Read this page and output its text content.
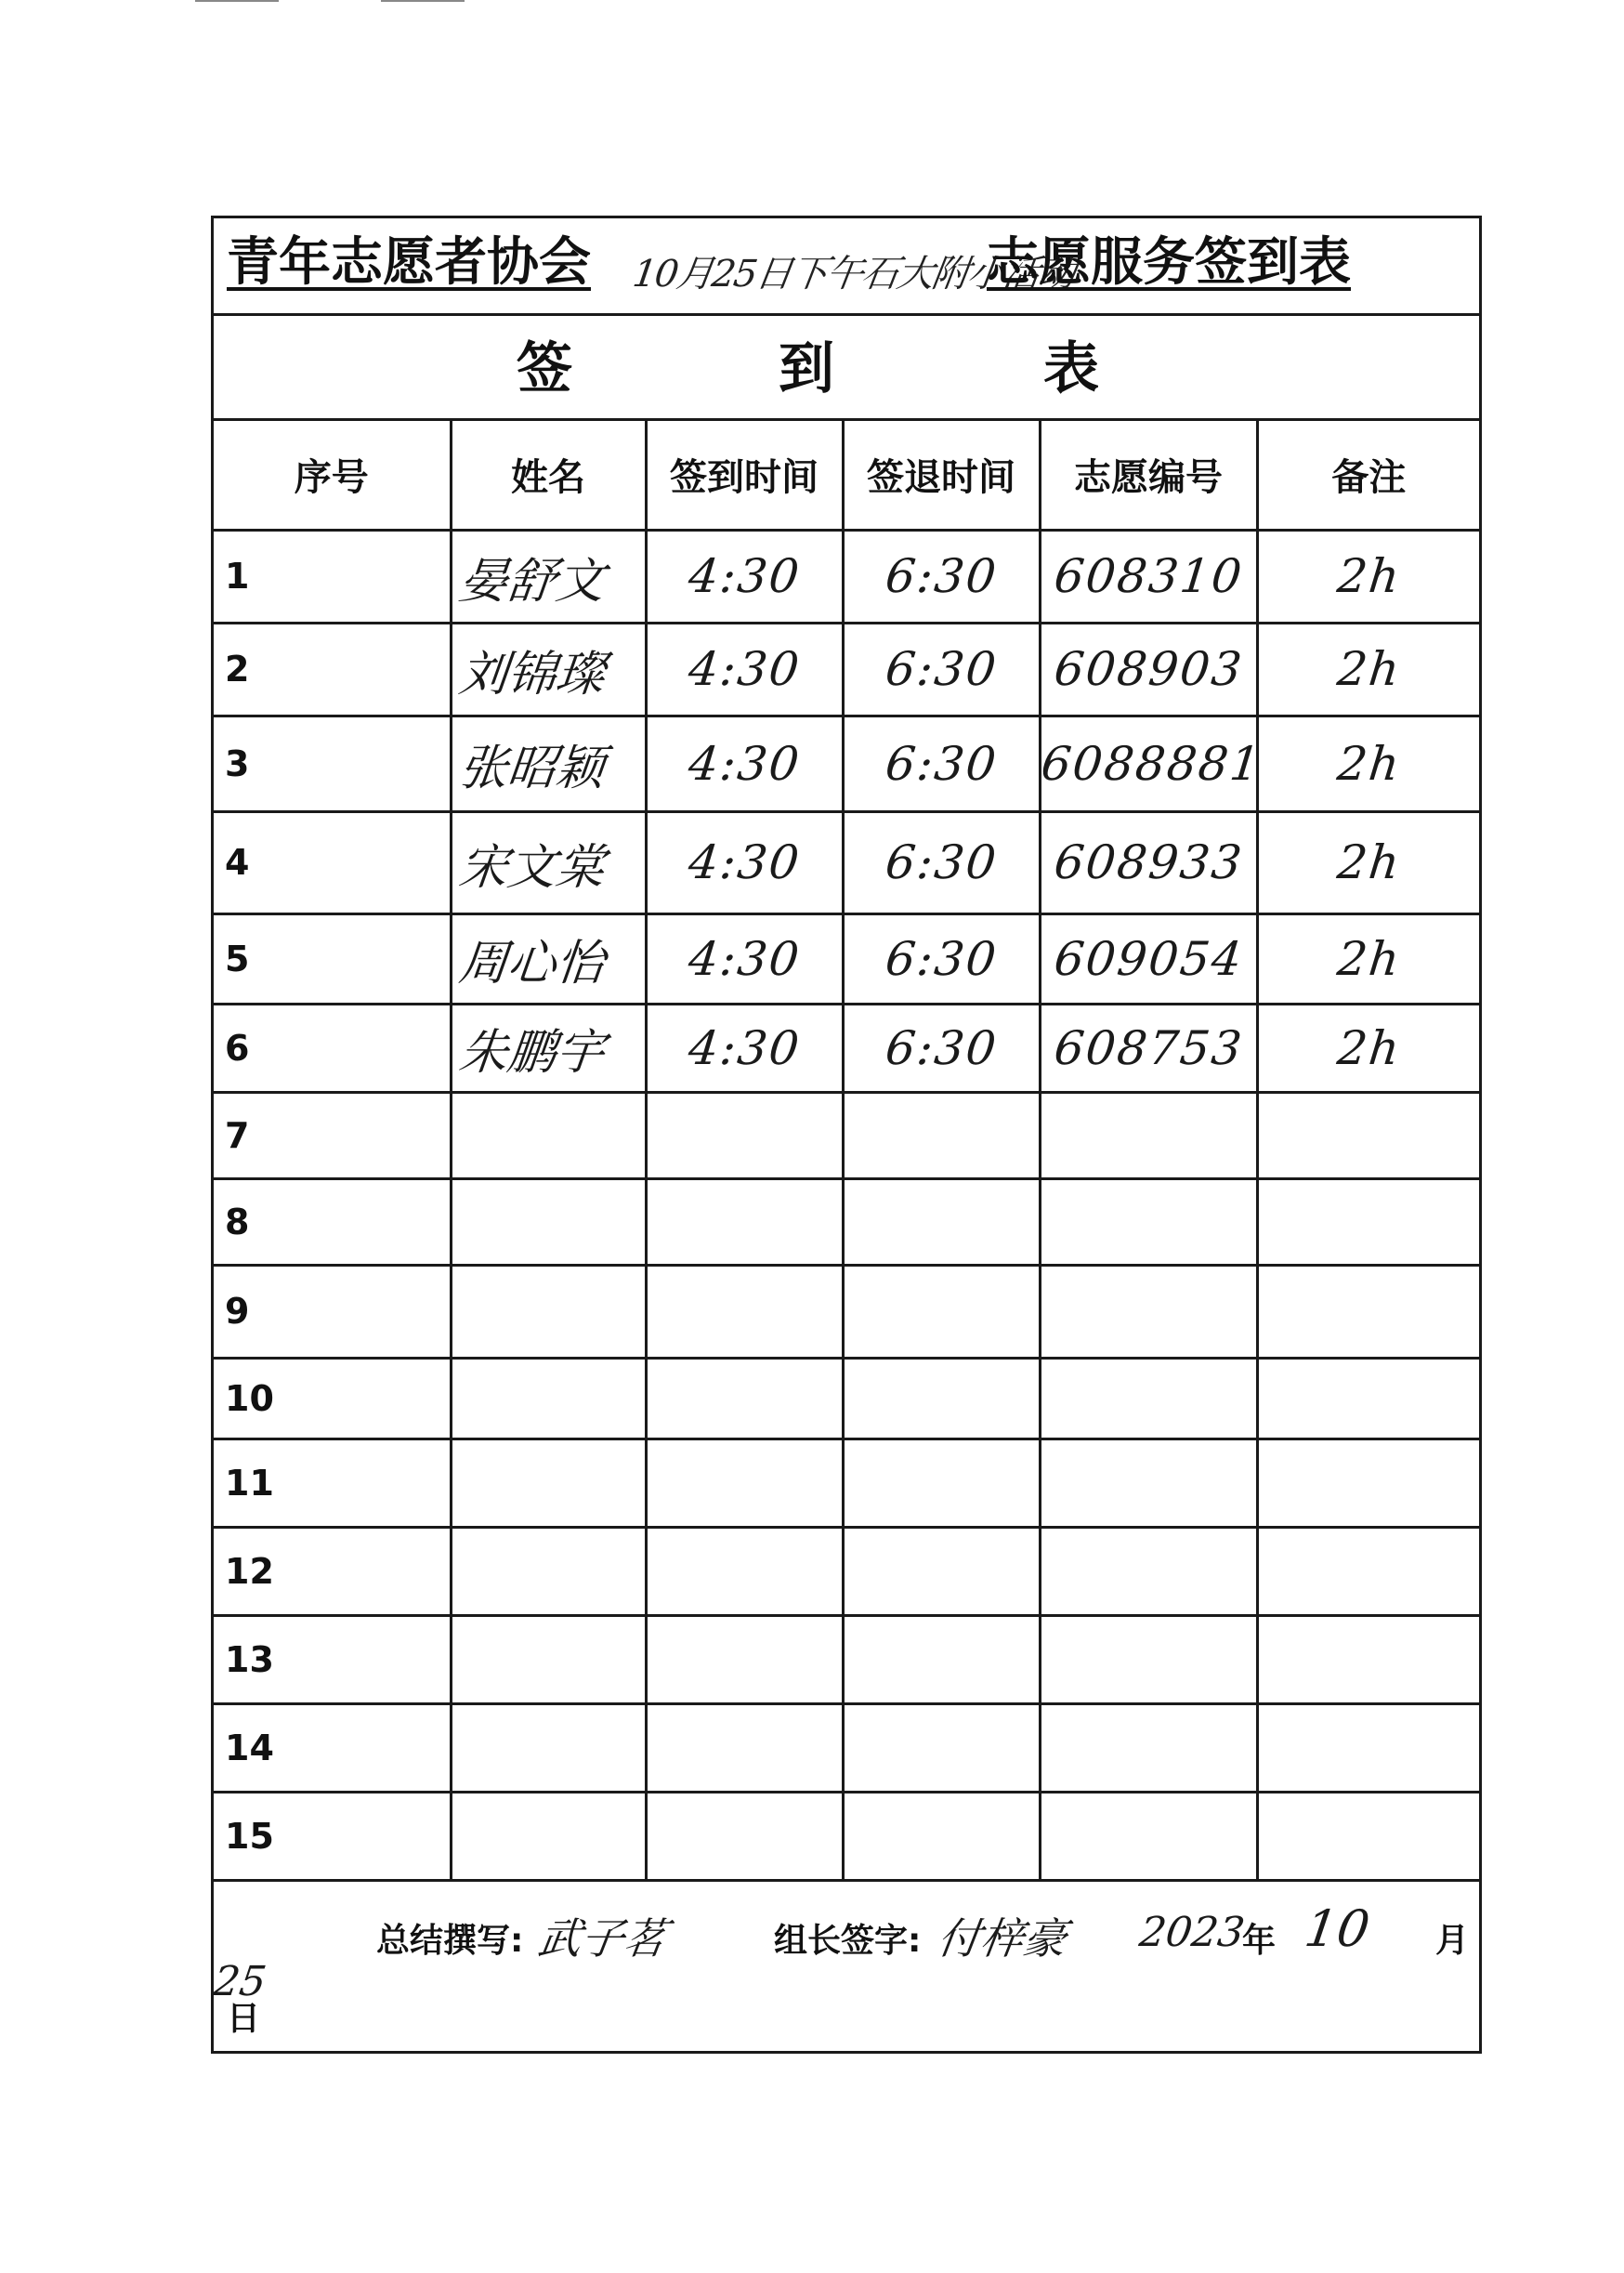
青年志愿者协会 10月25日下午石大附小活动
志愿服务签到表
签	到	表
序号	姓名	签到时间	签退时间	志愿编号	备注
1	晏舒文	4:30	6:30	608310	2h

2	刘锦璨	4:30	6:30	608903	2h

3	张昭颖	4:30	6:30	6088881	2h

4	宋文棠	4:30	6:30	608933	2h

5	周心怡	4:30	6:30	609054	2h

6	朱鹏宇	4:30	6:30	608753	2h

7	

8	

9	

10	

11	

12	

13	

14	

15	

总结撰写: 武子茗	组长签字: 付梓豪 2023
年 10 月
25
日
